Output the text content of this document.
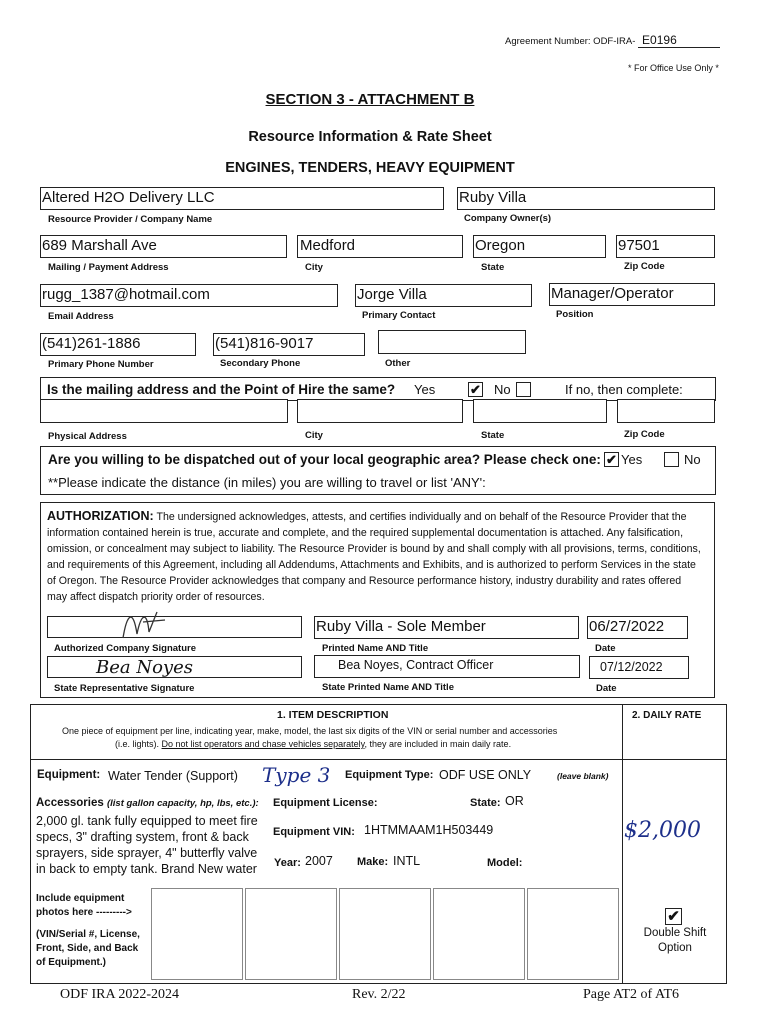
Agreement Number: ODF-IRA- E0196
* For Office Use Only *
SECTION 3 - ATTACHMENT B
Resource Information & Rate Sheet
ENGINES, TENDERS, HEAVY EQUIPMENT
Altered H2O Delivery LLC
Resource Provider / Company Name
Ruby Villa
Company Owner(s)
689 Marshall Ave
Mailing / Payment Address
Medford
City
Oregon
State
97501
Zip Code
rugg_1387@hotmail.com
Email Address
Jorge Villa
Primary Contact
Manager/Operator
Position
(541)261-1886
Primary Phone Number
(541)816-9017
Secondary Phone	Other
Is the mailing address and the Point of Hire the same? Yes	✔ No	If no, then complete:
Physical Address	City	State	Zip Code
Are you willing to be dispatched out of your local geographic area? Please check one: ✔ Yes	No
**Please indicate the distance (in miles) you are willing to travel or list 'ANY':
AUTHORIZATION: The undersigned acknowledges, attests, and certifies individually and on behalf of the Resource Provider that the information contained herein is true, accurate and complete, and the required supplemental documentation is attached. Any falsification, omission, or concealment may subject to liability. The Resource Provider is bound by and shall comply with all provisions, terms, conditions, and requirements of this Agreement, including all Addendums, Attachments and Exhibits, and is authorized to perform Services in the state of Oregon. The Resource Provider acknowledges that company and Resource performance history, industry durability and rates offered may affect dispatch priority order of resources.
Authorized Company Signature
Ruby Villa - Sole Member
Printed Name AND Title
06/27/2022
Date
Bea Noyes
State Representative Signature
Bea Noyes, Contract Officer
State Printed Name AND Title
07/12/2022
Date
1. ITEM DESCRIPTION
One piece of equipment per line, indicating year, make, model, the last six digits of the VIN or serial number and accessories
(i.e. lights). Do not list operators and chase vehicles separately, they are included in main daily rate.
2. DAILY RATE
Equipment: Water Tender (Support) Type 3 Equipment Type: ODF USE ONLY	(leave blank)
Accessories (list gallon capacity, hp, lbs, etc.):
2,000 gl. tank fully equipped to meet fire
specs, 3" drafting system, front & back
sprayers, side sprayer, 4" butterfly valve
in back to empty tank. Brand New water
Equipment License:	State: OR
Equipment VIN: 1HTMMAAM1H503449
Year: 2007 Make: INTL	Model:
$2,000
Include equipment
photos here --------->
(VIN/Serial #, License,
Front, Side, and Back
of Equipment.)
✔
Double Shift
Option
ODF IRA 2022-2024	Rev. 2/22	Page AT2 of AT6
